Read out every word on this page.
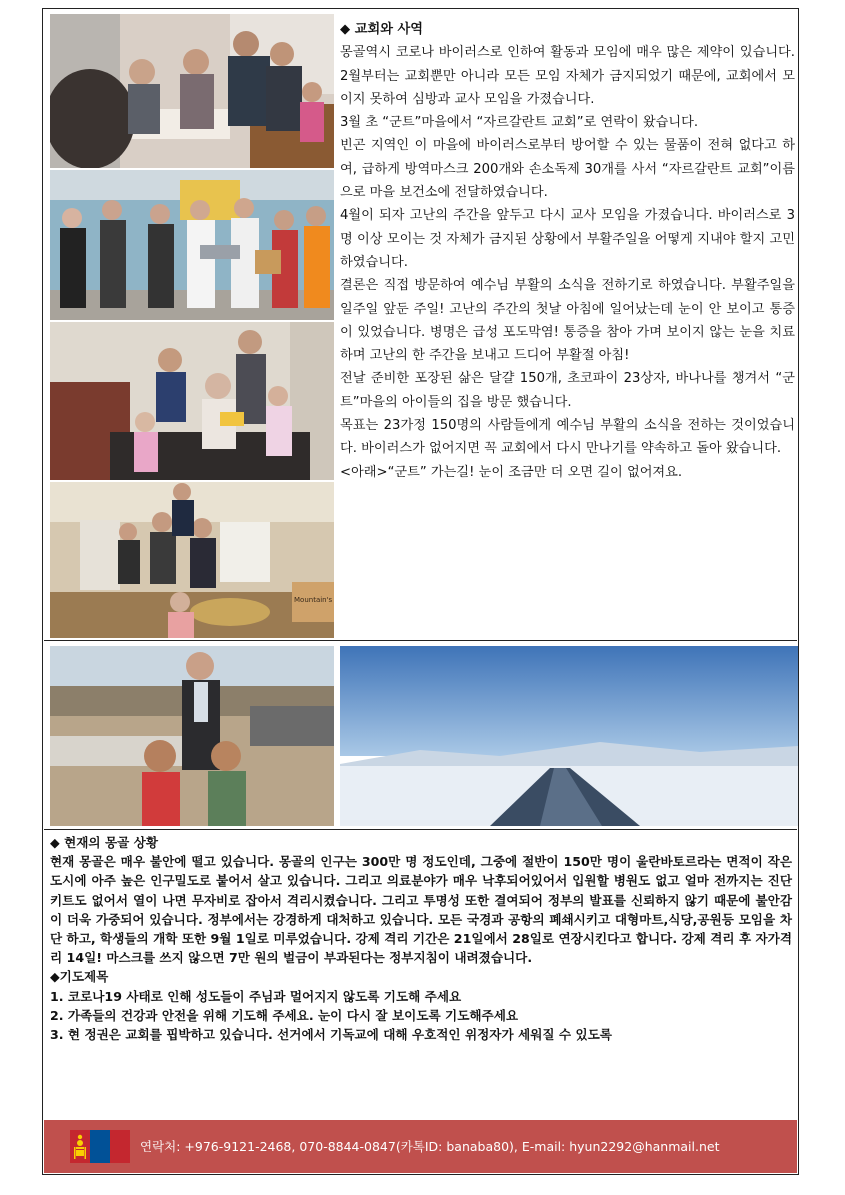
Mountain's

◆ 교회와 사역

몽골역시 코로나 바이러스로 인하여 활동과 모임에 매우 많은 제약이 있습니다. 2월부터는 교회뿐만 아니라 모든 모임 자체가 금지되었기 때문에, 교회에서 모이지 못하여 심방과 교사 모임을 가졌습니다.

3월 초 “군트”마을에서 “자르갈란트 교회”로 연락이 왔습니다.

빈곤 지역인 이 마을에 바이러스로부터 방어할 수 있는 물품이 전혀 없다고 하여, 급하게 방역마스크 200개와 손소독제 30개를 사서 “자르갈란트 교회”이름으로 마을 보건소에 전달하였습니다.

4월이 되자 고난의 주간을 앞두고 다시 교사 모임을 가졌습니다. 바이러스로 3명 이상 모이는 것 자체가 금지된 상황에서 부활주일을 어떻게 지내야 할지 고민하였습니다.

결론은 직접 방문하여 예수님 부활의 소식을 전하기로 하였습니다. 부활주일을 일주일 앞둔 주일! 고난의 주간의 첫날 아침에 일어났는데 눈이 안 보이고 통증이 있었습니다. 병명은 급성 포도막염! 통증을 참아 가며 보이지 않는 눈을 치료하며 고난의 한 주간을 보내고 드디어 부활절 아침!

전날 준비한 포장된 삶은 달걀 150개, 초코파이 23상자, 바나나를 챙겨서 “군트”마을의 아이들의 집을 방문 했습니다.

목표는 23가정 150명의 사람들에게 예수님 부활의 소식을 전하는 것이었습니다. 바이러스가 없어지면 꼭 교회에서 다시 만나기를 약속하고 돌아 왔습니다.

<아래>“군트” 가는길! 눈이 조금만 더 오면 길이 없어져요.

◆ 현재의 몽골 상황

현재 몽골은 매우 불안에 떨고 있습니다. 몽골의 인구는 300만 명 정도인데, 그중에 절반이 150만 명이 울란바토르라는 면적이 작은 도시에 아주 높은 인구밀도로 붙어서 살고 있습니다. 그리고 의료분야가 매우 낙후되어있어서 입원할 병원도 없고 얼마 전까지는 진단키트도 없어서 열이 나면 무자비로 잡아서 격리시켰습니다. 그리고 투명성 또한 결여되어 정부의 발표를 신뢰하지 않기 때문에 불안감이 더욱 가중되어 있습니다. 정부에서는 강경하게 대처하고 있습니다. 모든 국경과 공항의 폐쇄시키고 대형마트,식당,공원등 모임을 차단 하고, 학생들의 개학 또한 9월 1일로 미루었습니다. 강제 격리 기간은 21일에서 28일로 연장시킨다고 합니다. 강제 격리 후 자가격리 14일! 마스크를 쓰지 않으면 7만 원의 벌금이 부과된다는 정부지침이 내려졌습니다.

◆기도제목

1. 코로나19 사태로 인해 성도들이 주님과 멀어지지 않도록 기도해 주세요

2. 가족들의 건강과 안전을 위해 기도해 주세요. 눈이 다시 잘 보이도록 기도해주세요

3. 현 정권은 교회를 핍박하고 있습니다. 선거에서 기독교에 대해 우호적인 위정자가 세워질 수 있도록

연락처: +976-9121-2468, 070-8844-0847(카톡ID: banaba80), E-mail: hyun2292@hanmail.net
